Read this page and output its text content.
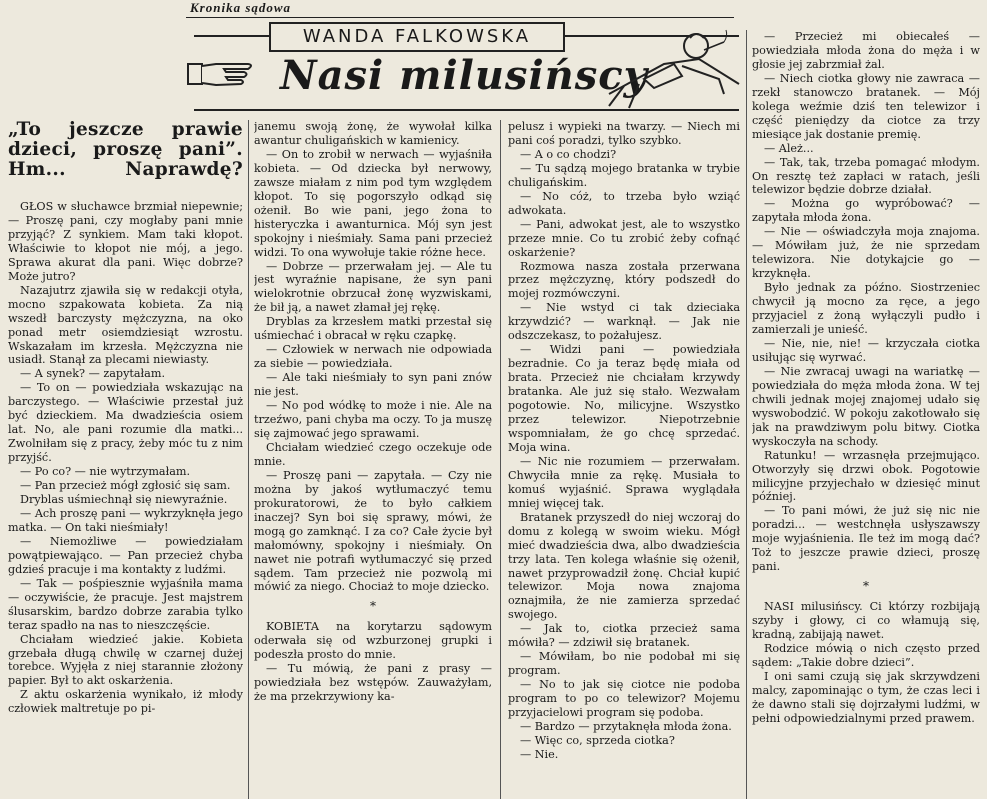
Kronika sądowa
WANDA FALKOWSKA
Nasi milusińscy

„To jeszcze prawie dzieci, proszę pani”. Hm... Naprawdę?

GŁOS w słuchawce brzmiał niepewnie; — Proszę pani, czy mogłaby pani mnie przyjąć? Z synkiem. Mam taki kłopot. Właściwie to kłopot nie mój, a jego. Sprawa akurat dla pani. Więc dobrze? Może jutro?

Nazajutrz zjawiła się w redakcji otyła, mocno szpakowata kobieta. Za nią wszedł barczysty mężczyzna, na oko ponad metr osiemdziesiąt wzrostu. Wskazałam im krzesła. Mężczyzna nie usiadł. Stanął za plecami niewiasty.

— A synek? — zapytałam.

— To on — powiedziała wskazując na barczystego. — Właściwie przestał już być dzieckiem. Ma dwadzieścia osiem lat. No, ale pani rozumie dla matki... Zwolniłam się z pracy, żeby móc tu z nim przyjść.

— Po co? — nie wytrzymałam.

— Pan przecież mógł zgłosić się sam.

Dryblas uśmiechnął się niewyraźnie.

— Ach proszę pani — wykrzyknęła jego matka. — On taki nieśmiały!

— Niemożliwe — powiedziałam powątpiewająco. — Pan przecież chyba gdzieś pracuje i ma kontakty z ludźmi.

— Tak — pośpiesznie wyjaśniła mama — oczywiście, że pracuje. Jest majstrem ślusarskim, bardzo dobrze zarabia tylko teraz spadło na nas to nieszczęście.

Chciałam wiedzieć jakie. Kobieta grzebała długą chwilę w czarnej dużej torebce. Wyjęła z niej starannie złożony papier. Był to akt oskarżenia.

Z aktu oskarżenia wynikało, iż młody człowiek maltretuje po pi-

janemu swoją żonę, że wywołał kilka awantur chuligańskich w kamienicy.

— On to zrobił w nerwach — wyjaśniła kobieta. — Od dziecka był nerwowy, zawsze miałam z nim pod tym względem kłopot. To się pogorszyło odkąd się ożenił. Bo wie pani, jego żona to histeryczka i awanturnica. Mój syn jest spokojny i nieśmiały. Sama pani przecież widzi. To ona wywołuje takie różne hece.

— Dobrze — przerwałam jej. — Ale tu jest wyraźnie napisane, że syn pani wielokrotnie obrzucał żonę wyzwiskami, że bił ją, a nawet złamał jej rękę.

Dryblas za krzesłem matki przestał się uśmiechać i obracał w ręku czapkę.

— Człowiek w nerwach nie odpowiada za siebie — powiedziała.

— Ale taki nieśmiały to syn pani znów nie jest.

— No pod wódkę to może i nie. Ale na trzeźwo, pani chyba ma oczy. To ja muszę się zajmować jego sprawami.

Chciałam wiedzieć czego oczekuje ode mnie.

— Proszę pani — zapytała. — Czy nie można by jakoś wytłumaczyć temu prokuratorowi, że to było całkiem inaczej? Syn boi się sprawy, mówi, że mogą go zamknąć. I za co? Całe życie był małomówny, spokojny i nieśmiały. On nawet nie potrafi wytłumaczyć się przed sądem. Tam przecież nie pozwolą mi mówić za niego. Chociaż to moje dziecko.

*

KOBIETA na korytarzu sądowym oderwała się od wzburzonej grupki i podeszła prosto do mnie.

— Tu mówią, że pani z prasy — powiedziała bez wstępów. Zauważyłam, że ma przekrzywiony ka-

pelusz i wypieki na twarzy. — Niech mi pani coś poradzi, tylko szybko.

— A o co chodzi?

— Tu sądzą mojego bratanka w trybie chuligańskim.

— No cóż, to trzeba było wziąć adwokata.

— Pani, adwokat jest, ale to wszystko przeze mnie. Co tu zrobić żeby cofnąć oskarżenie?

Rozmowa nasza została przerwana przez mężczyznę, który podszedł do mojej rozmówczyni.

— Nie wstyd ci tak dzieciaka krzywdzić? — warknął. — Jak nie odszczekasz, to pożałujesz.

— Widzi pani — powiedziała bezradnie. Co ja teraz będę miała od brata. Przecież nie chciałam krzywdy bratanka. Ale już się stało. Wezwałam pogotowie. No, milicyjne. Wszystko przez telewizor. Niepotrzebnie wspomniałam, że go chcę sprzedać. Moja wina.

— Nic nie rozumiem — przerwałam. Chwyciła mnie za rękę. Musiała to komuś wyjaśnić. Sprawa wyglądała mniej więcej tak.

Bratanek przyszedł do niej wczoraj do domu z kolegą w swoim wieku. Mógł mieć dwadzieścia dwa, albo dwadzieścia trzy lata. Ten kolega właśnie się ożenił, nawet przyprowadził żonę. Chciał kupić telewizor. Moja nowa znajoma oznajmiła, że nie zamierza sprzedać swojego.

— Jak to, ciotka przecież sama mówiła? — zdziwił się bratanek.

— Mówiłam, bo nie podobał mi się program.

— No to jak się ciotce nie podoba program to po co telewizor? Mojemu przyjacielowi program się podoba.

— Bardzo — przytaknęła młoda żona.

— Więc co, sprzeda ciotka?

— Nie.

— Przecież mi obiecałeś — powiedziała młoda żona do męża i w głosie jej zabrzmiał żal.

— Niech ciotka głowy nie zawraca — rzekł stanowczo bratanek. — Mój kolega weźmie dziś ten telewizor i część pieniędzy da ciotce za trzy miesiące jak dostanie premię.

— Ależ...

— Tak, tak, trzeba pomagać młodym. On resztę też zapłaci w ratach, jeśli telewizor będzie dobrze działał.

— Można go wypróbować? — zapytała młoda żona.

— Nie — oświadczyła moja znajoma. — Mówiłam już, że nie sprzedam telewizora. Nie dotykajcie go — krzyknęła.

Było jednak za późno. Siostrzeniec chwycił ją mocno za ręce, a jego przyjaciel z żoną wyłączyli pudło i zamierzali je unieść.

— Nie, nie, nie! — krzyczała ciotka usiłując się wyrwać.

— Nie zwracaj uwagi na wariatkę — powiedziała do męża młoda żona. W tej chwili jednak mojej znajomej udało się wyswobodzić. W pokoju zakotłowało się jak na prawdziwym polu bitwy. Ciotka wyskoczyła na schody.

Ratunku! — wrzasnęła przejmująco. Otworzyły się drzwi obok. Pogotowie milicyjne przyjechało w dziesięć minut później.

— To pani mówi, że już się nic nie poradzi... — westchnęła usłyszawszy moje wyjaśnienia. Ile też im mogą dać? Toż to jeszcze prawie dzieci, proszę pani.

*

NASI milusińscy. Ci którzy rozbijają szyby i głowy, ci co włamują się, kradną, zabijają nawet.

Rodzice mówią o nich często przed sądem: „Takie dobre dzieci”.

I oni sami czują się jak skrzywdzeni malcy, zapominając o tym, że czas leci i że dawno stali się dojrzałymi ludźmi, w pełni odpowiedzialnymi przed prawem.
